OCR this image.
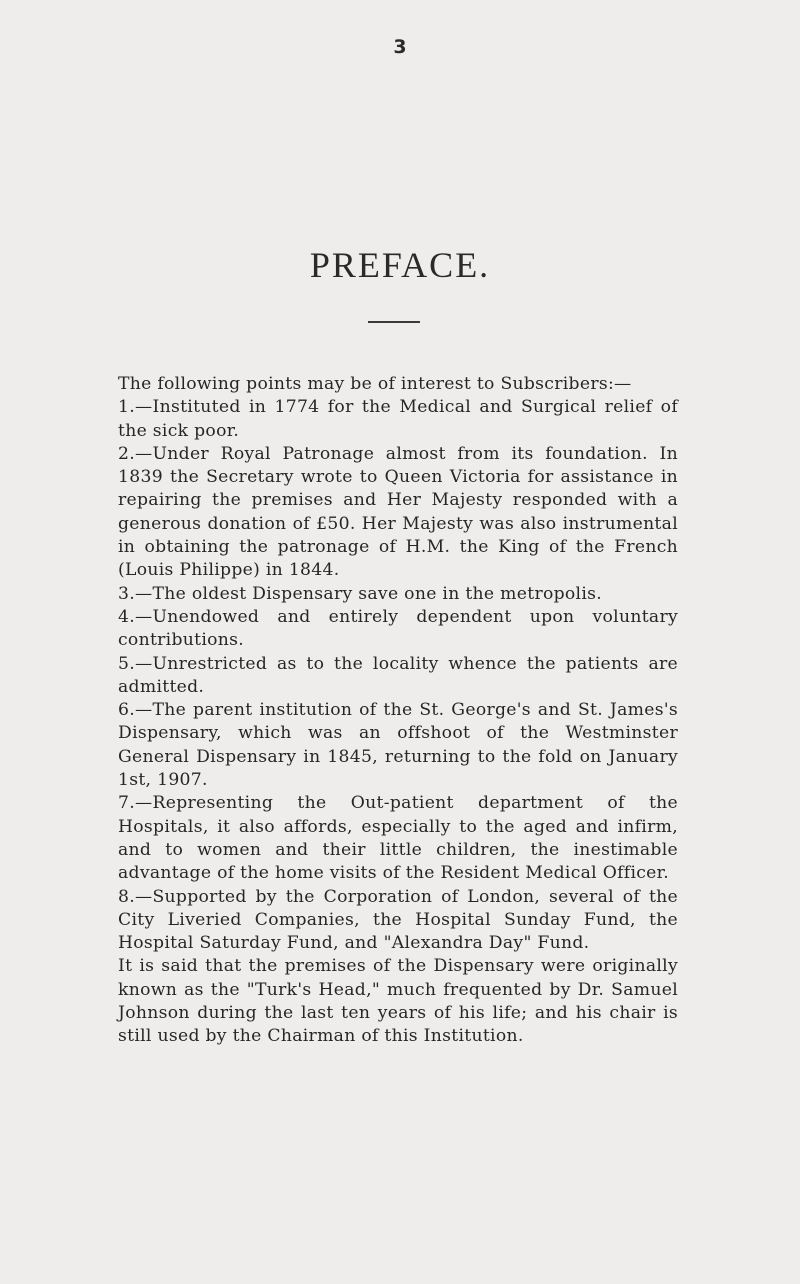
3
PREFACE.

The following points may be of interest to Subscribers:—

1.—Instituted in 1774 for the Medical and Surgical relief of the sick poor.

2.—Under Royal Patronage almost from its foundation. In 1839 the Secretary wrote to Queen Victoria for assistance in repairing the premises and Her Majesty responded with a generous donation of £50. Her Majesty was also instrumental in obtaining the patronage of H.M. the King of the French (Louis Philippe) in 1844.

3.—The oldest Dispensary save one in the metropolis.

4.—Unendowed and entirely dependent upon voluntary contributions.

5.—Unrestricted as to the locality whence the patients are admitted.

6.—The parent institution of the St. George's and St. James's Dispensary, which was an offshoot of the Westminster General Dispensary in 1845, returning to the fold on January 1st, 1907.

7.—Representing the Out-patient department of the Hospitals, it also affords, especially to the aged and infirm, and to women and their little children, the inestimable advantage of the home visits of the Resident Medical Officer.

8.—Supported by the Corporation of London, several of the City Liveried Companies, the Hospital Sunday Fund, the Hospital Saturday Fund, and "Alexandra Day" Fund.

It is said that the premises of the Dispensary were originally known as the "Turk's Head," much frequented by Dr. Samuel Johnson during the last ten years of his life; and his chair is still used by the Chairman of this Institution.
